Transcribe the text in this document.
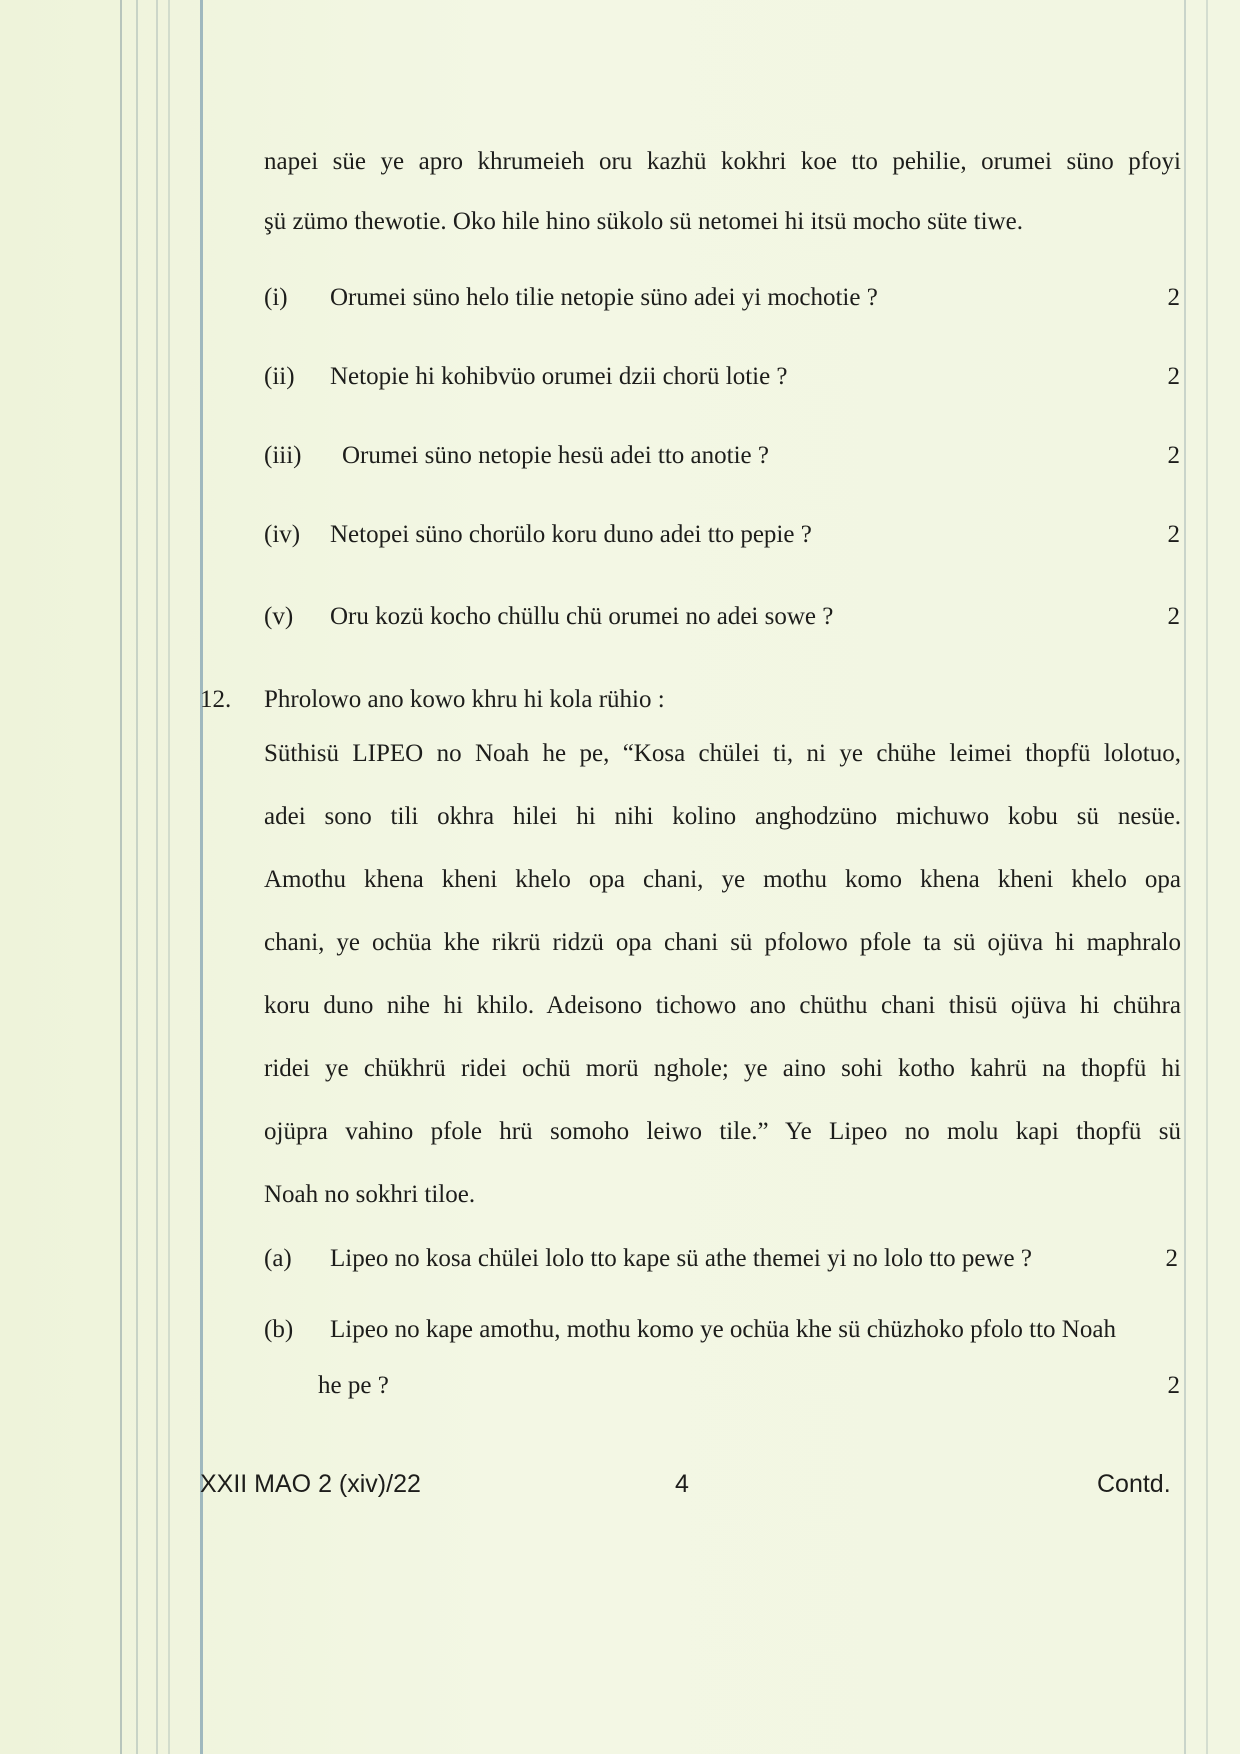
napei süe ye apro khrumeieh oru kazhü kokhri koe tto pehilie, orumei süno pfoyi
şü zümo thewotie. Oko hile hino sükolo sü netomei hi itsü mocho süte tiwe.
(i) Orumei süno helo tilie netopie süno adei yi mochotie ?	2
(ii) Netopie hi kohibvüo orumei dzii chorü lotie ?	2
(iii) Orumei süno netopie hesü adei tto anotie ?	2
(iv) Netopei süno chorülo koru duno adei tto pepie ?	2
(v) Oru kozü kocho chüllu chü orumei no adei sowe ?	2
12. Phrolowo ano kowo khru hi kola rühio :
Süthisü LIPEO no Noah he pe, “Kosa chülei ti, ni ye chühe leimei thopfü lolotuo,
adei sono tili okhra hilei hi nihi kolino anghodzüno michuwo kobu sü nesüe.
Amothu khena kheni khelo opa chani, ye mothu komo khena kheni khelo opa
chani, ye ochüa khe rikrü ridzü opa chani sü pfolowo pfole ta sü ojüva hi maphralo
koru duno nihe hi khilo. Adeisono tichowo ano chüthu chani thisü ojüva hi chühra
ridei ye chükhrü ridei ochü morü nghole; ye aino sohi kotho kahrü na thopfü hi
ojüpra vahino pfole hrü somoho leiwo tile.” Ye Lipeo no molu kapi thopfü sü
Noah no sokhri tiloe.
(a) Lipeo no kosa chülei lolo tto kape sü athe themei yi no lolo tto pewe ?	2
(b) Lipeo no kape amothu, mothu komo ye ochüa khe sü chüzhoko pfolo tto Noah
he pe ?	2
XXII MAO 2 (xiv)/22	4	Contd.
